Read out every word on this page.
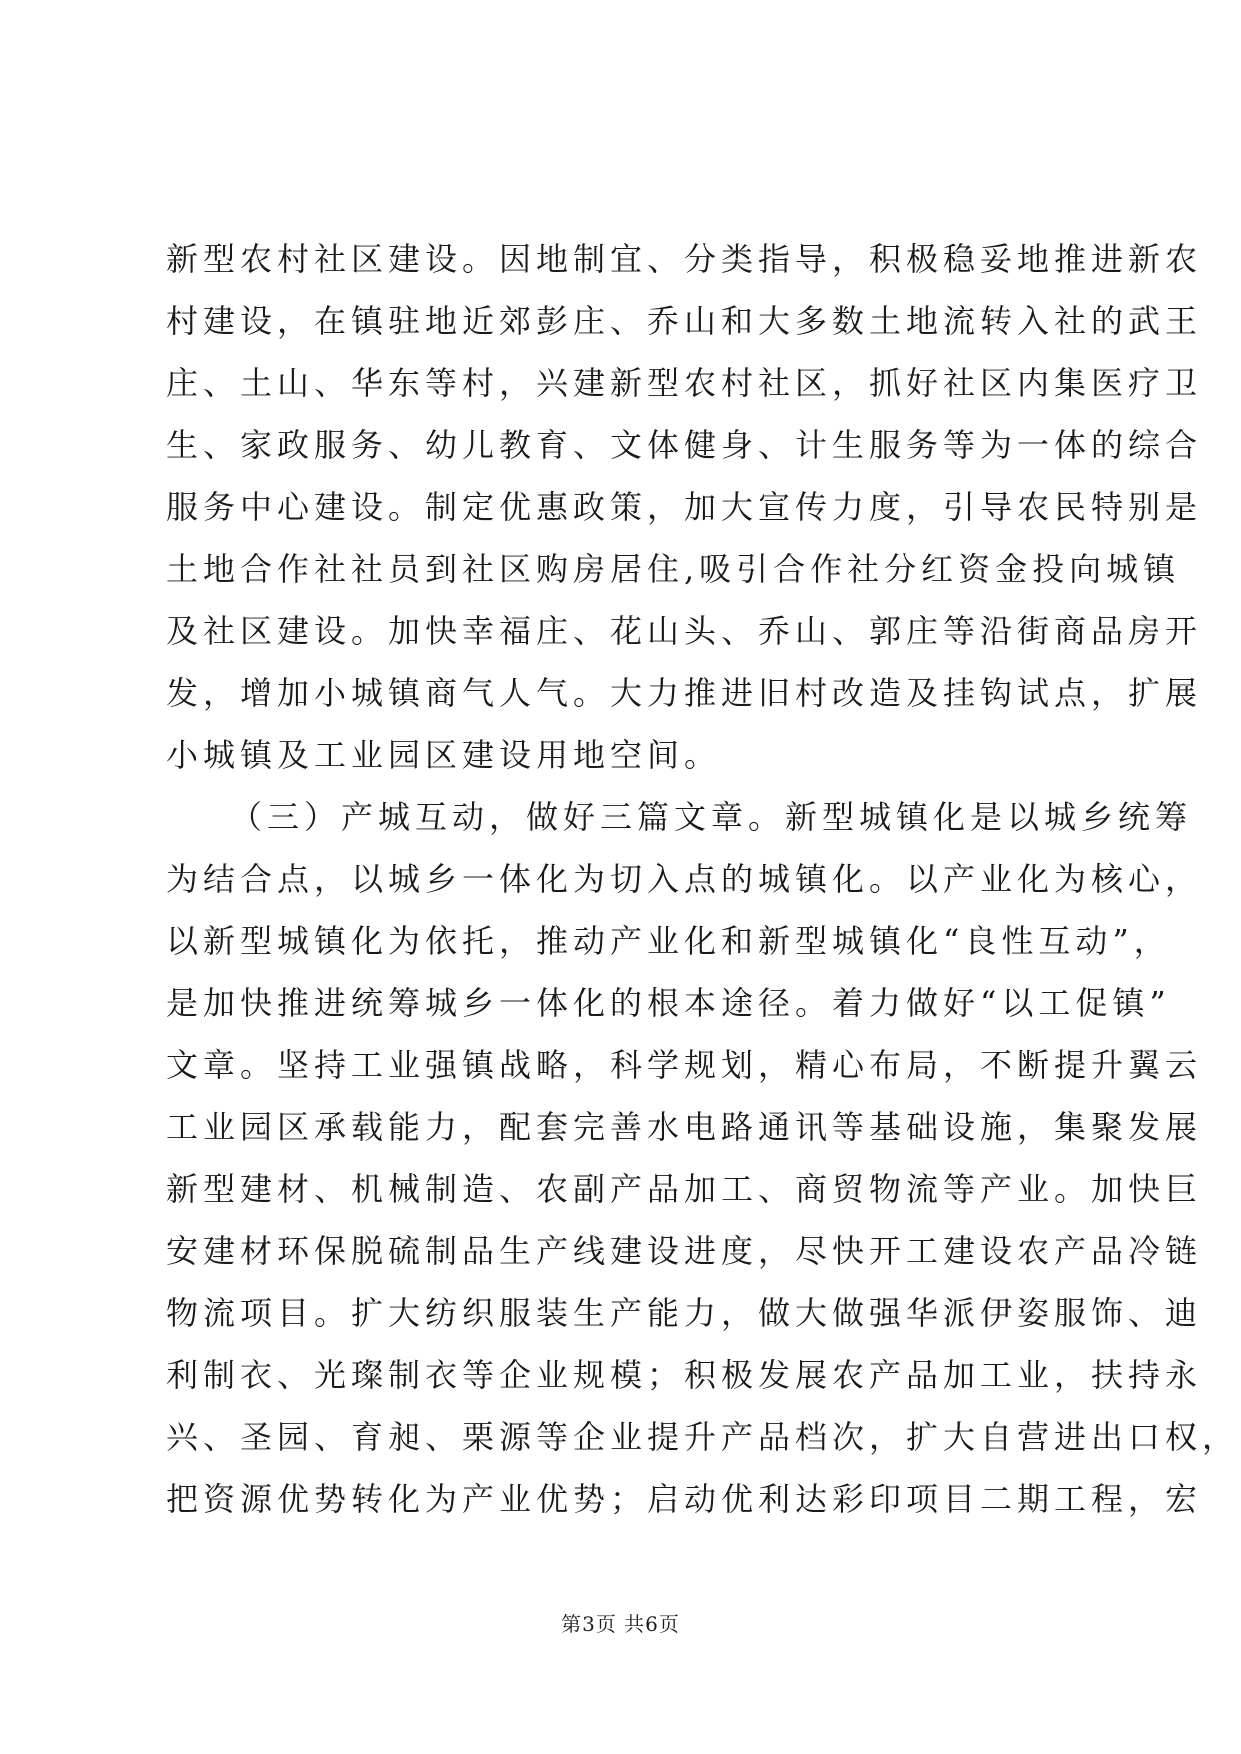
新型农村社区建设。因地制宜、分类指导，积极稳妥地推进新农
村建设，在镇驻地近郊彭庄、乔山和大多数土地流转入社的武王
庄、土山、华东等村，兴建新型农村社区，抓好社区内集医疗卫
生、家政服务、幼儿教育、文体健身、计生服务等为一体的综合
服务中心建设。制定优惠政策，加大宣传力度，引导农民特别是
土地合作社社员到社区购房居住,吸引合作社分红资金投向城镇
及社区建设。加快幸福庄、花山头、乔山、郭庄等沿街商品房开
发，增加小城镇商气人气。大力推进旧村改造及挂钩试点，扩展
小城镇及工业园区建设用地空间。
（三）产城互动，做好三篇文章。新型城镇化是以城乡统筹
为结合点，以城乡一体化为切入点的城镇化。以产业化为核心，
以新型城镇化为依托，推动产业化和新型城镇化“良性互动”，
是加快推进统筹城乡一体化的根本途径。着力做好“以工促镇”
文章。坚持工业强镇战略，科学规划，精心布局，不断提升翼云
工业园区承载能力，配套完善水电路通讯等基础设施，集聚发展
新型建材、机械制造、农副产品加工、商贸物流等产业。加快巨
安建材环保脱硫制品生产线建设进度，尽快开工建设农产品冷链
物流项目。扩大纺织服装生产能力，做大做强华派伊姿服饰、迪
利制衣、光璨制衣等企业规模；积极发展农产品加工业，扶持永
兴、圣园、育昶、栗源等企业提升产品档次，扩大自营进出口权，
把资源优势转化为产业优势；启动优利达彩印项目二期工程，宏
第3页 共6页
